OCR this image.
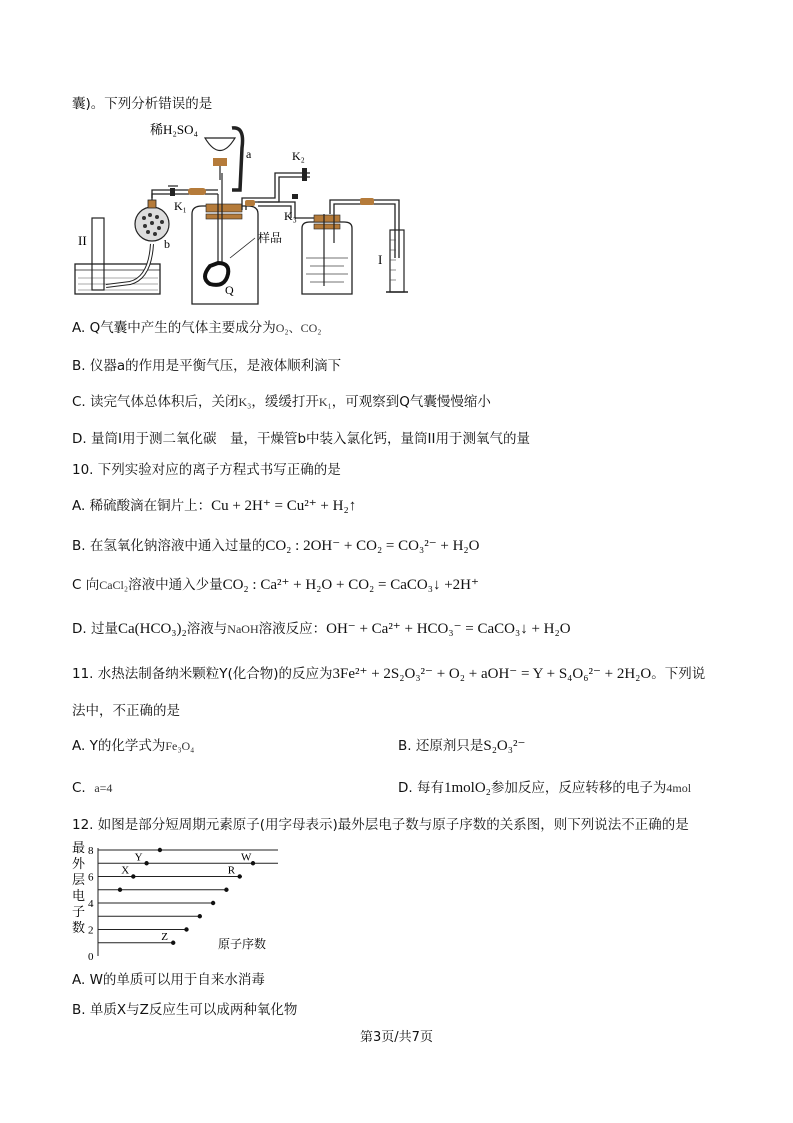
囊)。下列分析错误的是
II	b
K₁
稀H₂SO₄
a
Q
样品
K₂
K₃
I
A. Q气囊中产生的气体主要成分为O₂、CO₂
B. 仪器a的作用是平衡气压，是液体顺利滴下
C. 读完气体总体积后，关闭K₃，缓缓打开K₁，可观察到Q气囊慢慢缩小
D. 量筒I用于测二氧化碳　量，干燥管b中装入氯化钙，量筒II用于测氧气的量
10. 下列实验对应的离子方程式书写正确的是
A. 稀硫酸滴在铜片上：Cu + 2H⁺ = Cu²⁺ + H₂↑
B. 在氢氧化钠溶液中通入过量的CO₂ : 2OH⁻ + CO₂ = CO₃²⁻ + H₂O
C 向CaCl₂溶液中通入少量CO₂ : Ca²⁺ + H₂O + CO₂ = CaCO₃↓ +2H⁺
D. 过量Ca(HCO₃)₂溶液与NaOH溶液反应：OH⁻ + Ca²⁺ + HCO₃⁻ = CaCO₃↓ + H₂O
11. 水热法制备纳米颗粒Y(化合物)的反应为3Fe²⁺ + 2S₂O₃²⁻ + O₂ + aOH⁻ = Y + S₄O₆²⁻ + 2H₂O。下列说
法中，不正确的是
A. Y的化学式为Fe₃O₄	B. 还原剂只是S₂O₃²⁻
C. a=4	D. 每有1molO₂参加反应，反应转移的电子为4mol
12. 如图是部分短周期元素原子(用字母表示)最外层电子数与原子序数的关系图，则下列说法不正确的是
最
外
层
电
子
数
0
2
4
6
8
Z
R
W
X
Y
原子序数
A. W的单质可以用于自来水消毒
B. 单质X与Z反应生可以成两种氧化物
第3页/共7页
